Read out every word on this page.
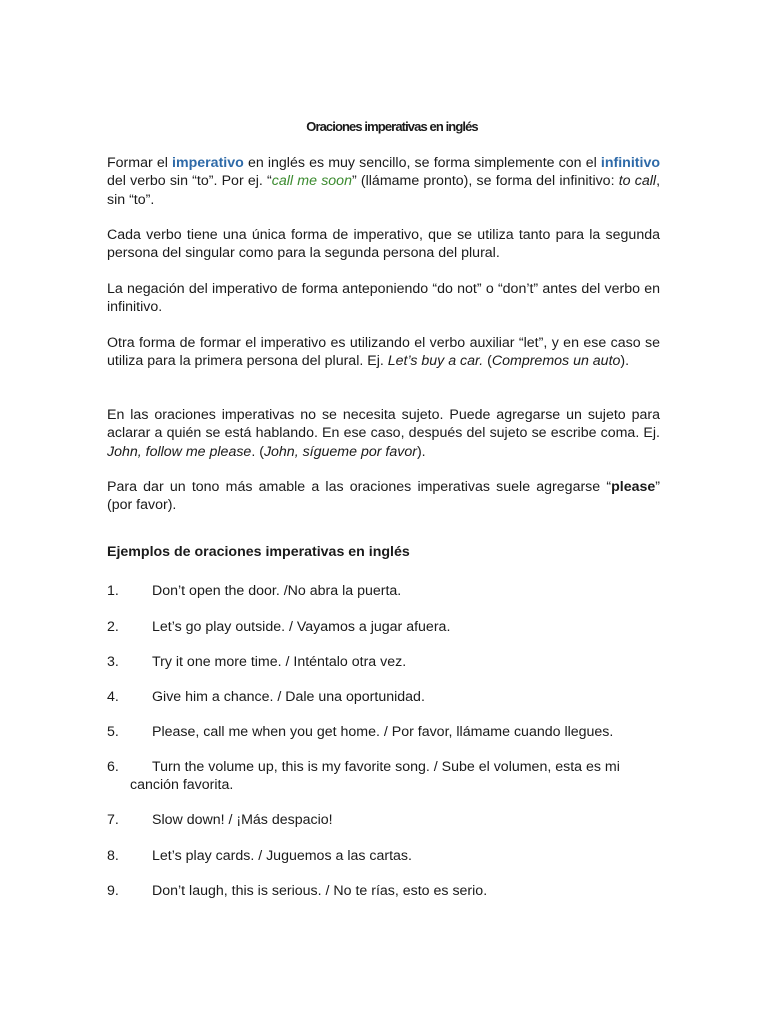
Oraciones imperativas en inglés
Formar el imperativo en inglés es muy sencillo, se forma simplemente con el infinitivo del verbo sin “to”. Por ej. “call me soon” (llámame pronto), se forma del infinitivo: to call, sin “to”.
Cada verbo tiene una única forma de imperativo, que se utiliza tanto para la segunda persona del singular como para la segunda persona del plural.
La negación del imperativo de forma anteponiendo “do not” o “don’t” antes del verbo en infinitivo.
Otra forma de formar el imperativo es utilizando el verbo auxiliar “let”, y en ese caso se utiliza para la primera persona del plural. Ej. Let’s buy a car. (Compremos un auto).
En las oraciones imperativas no se necesita sujeto. Puede agregarse un sujeto para aclarar a quién se está hablando. En ese caso, después del sujeto se escribe coma. Ej. John, follow me please. (John, sígueme por favor).
Para dar un tono más amable a las oraciones imperativas suele agregarse “please” (por favor).
Ejemplos de oraciones imperativas en inglés
1.	Don’t open the door. /No abra la puerta.
2.	Let’s go play outside. / Vayamos a jugar afuera.
3.	Try it one more time. / Inténtalo otra vez.
4.	Give him a chance. / Dale una oportunidad.
5.	Please, call me when you get home. / Por favor, llámame cuando llegues.
6.	Turn the volume up, this is my favorite song. / Sube el volumen, esta es mi
canción favorita.
7.	Slow down! / ¡Más despacio!
8.	Let’s play cards. / Juguemos a las cartas.
9.	Don’t laugh, this is serious. / No te rías, esto es serio.
